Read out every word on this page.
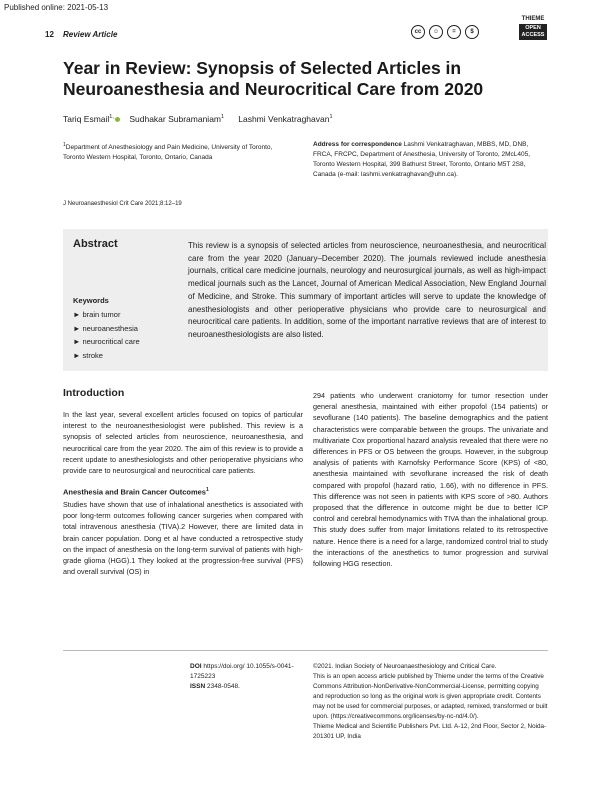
Published online: 2021-05-13
12 Review Article	cc	☺	=	$
THIEME
OPEN
ACCESS
Year in Review: Synopsis of Selected Articles in Neuroanesthesia and Neurocritical Care from 2020
Tariq Esmail$^{1,}$ Sudhakar Subramaniam$^1$ Lashmi Venkatraghavan$^1$
$^1$Department of Anesthesiology and Pain Medicine, University of Toronto, Toronto Western Hospital, Toronto, Ontario, Canada
Address for correspondence Lashmi Venkatraghavan, MBBS, MD, DNB, FRCA, FRCPC, Department of Anesthesia, University of Toronto, 2McL405, Toronto Western Hospital, 399 Bathurst Street, Toronto, Ontario M5T 2S8, Canada (e-mail: lashmi.venkatraghavan@uhn.ca).
J Neuroanaesthesiol Crit Care 2021;8:12–19
Abstract
Keywords
► brain tumor
► neuroanesthesia
► neurocritical care
► stroke
This review is a synopsis of selected articles from neuroscience, neuroanesthesia, and neurocritical care from the year 2020 (January–December 2020). The journals reviewed include anesthesia journals, critical care medicine journals, neurology and neurosurgical journals, as well as high-impact medical journals such as the Lancet, Journal of American Medical Association, New England Journal of Medicine, and Stroke. This summary of important articles will serve to update the knowledge of anesthesiologists and other perioperative physicians who provide care to neurosurgical and neurocritical care patients. In addition, some of the important narrative reviews that are of interest to neuroanesthesiologists are also listed.
Introduction
In the last year, several excellent articles focused on topics of particular interest to the neuroanesthesiologist were published. This review is a synopsis of selected articles from neuroscience, neuroanesthesia, and neurocritical care from the year 2020. The aim of this review is to provide a recent update to anesthesiologists and other perioperative physicians who provide care to neurosurgical and neurocritical care patients.
Anesthesia and Brain Cancer Outcomes$^1$
Studies have shown that use of inhalational anesthetics is associated with poor long-term outcomes following cancer surgeries when compared with total intravenous anesthesia (TIVA).2 However, there are limited data in brain cancer population. Dong et al have conducted a retrospective study on the impact of anesthesia on the long-term survival of patients with high-grade glioma (HGG).1 They looked at the progression-free survival (PFS) and overall survival (OS) in
294 patients who underwent craniotomy for tumor resection under general anesthesia, maintained with either propofol (154 patients) or sevoflurane (140 patients). The baseline demographics and the patient characteristics were comparable between the groups. The univariate and multivariate Cox proportional hazard analysis revealed that there were no differences in PFS or OS between the groups. However, in the subgroup analysis of patients with Karnofsky Performance Score (KPS) of <80, anesthesia maintained with sevoflurane increased the risk of death compared with propofol (hazard ratio, 1.66), with no difference in PFS. This difference was not seen in patients with KPS score of >80. Authors proposed that the difference in outcome might be due to better ICP control and cerebral hemodynamics with TIVA than the inhalational group. This study does suffer from major limitations related to its retrospective nature. Hence there is a need for a large, randomized control trial to study the interactions of the anesthetics to tumor progression and survival following HGG resection.
DOI https://doi.org/ 10.1055/s-0041-1725223
ISSN 2348-0548.
©2021. Indian Society of Neuroanaesthesiology and Critical Care.
This is an open access article published by Thieme under the terms of the Creative Commons Attribution-NonDerivative-NonCommercial-License, permitting copying and reproduction so long as the original work is given appropriate credit. Contents may not be used for commercial purposes, or adapted, remixed, transformed or built upon. (https://creativecommons.org/licenses/by-nc-nd/4.0/).
Thieme Medical and Scientific Publishers Pvt. Ltd. A-12, 2nd Floor, Sector 2, Noida-201301 UP, India
